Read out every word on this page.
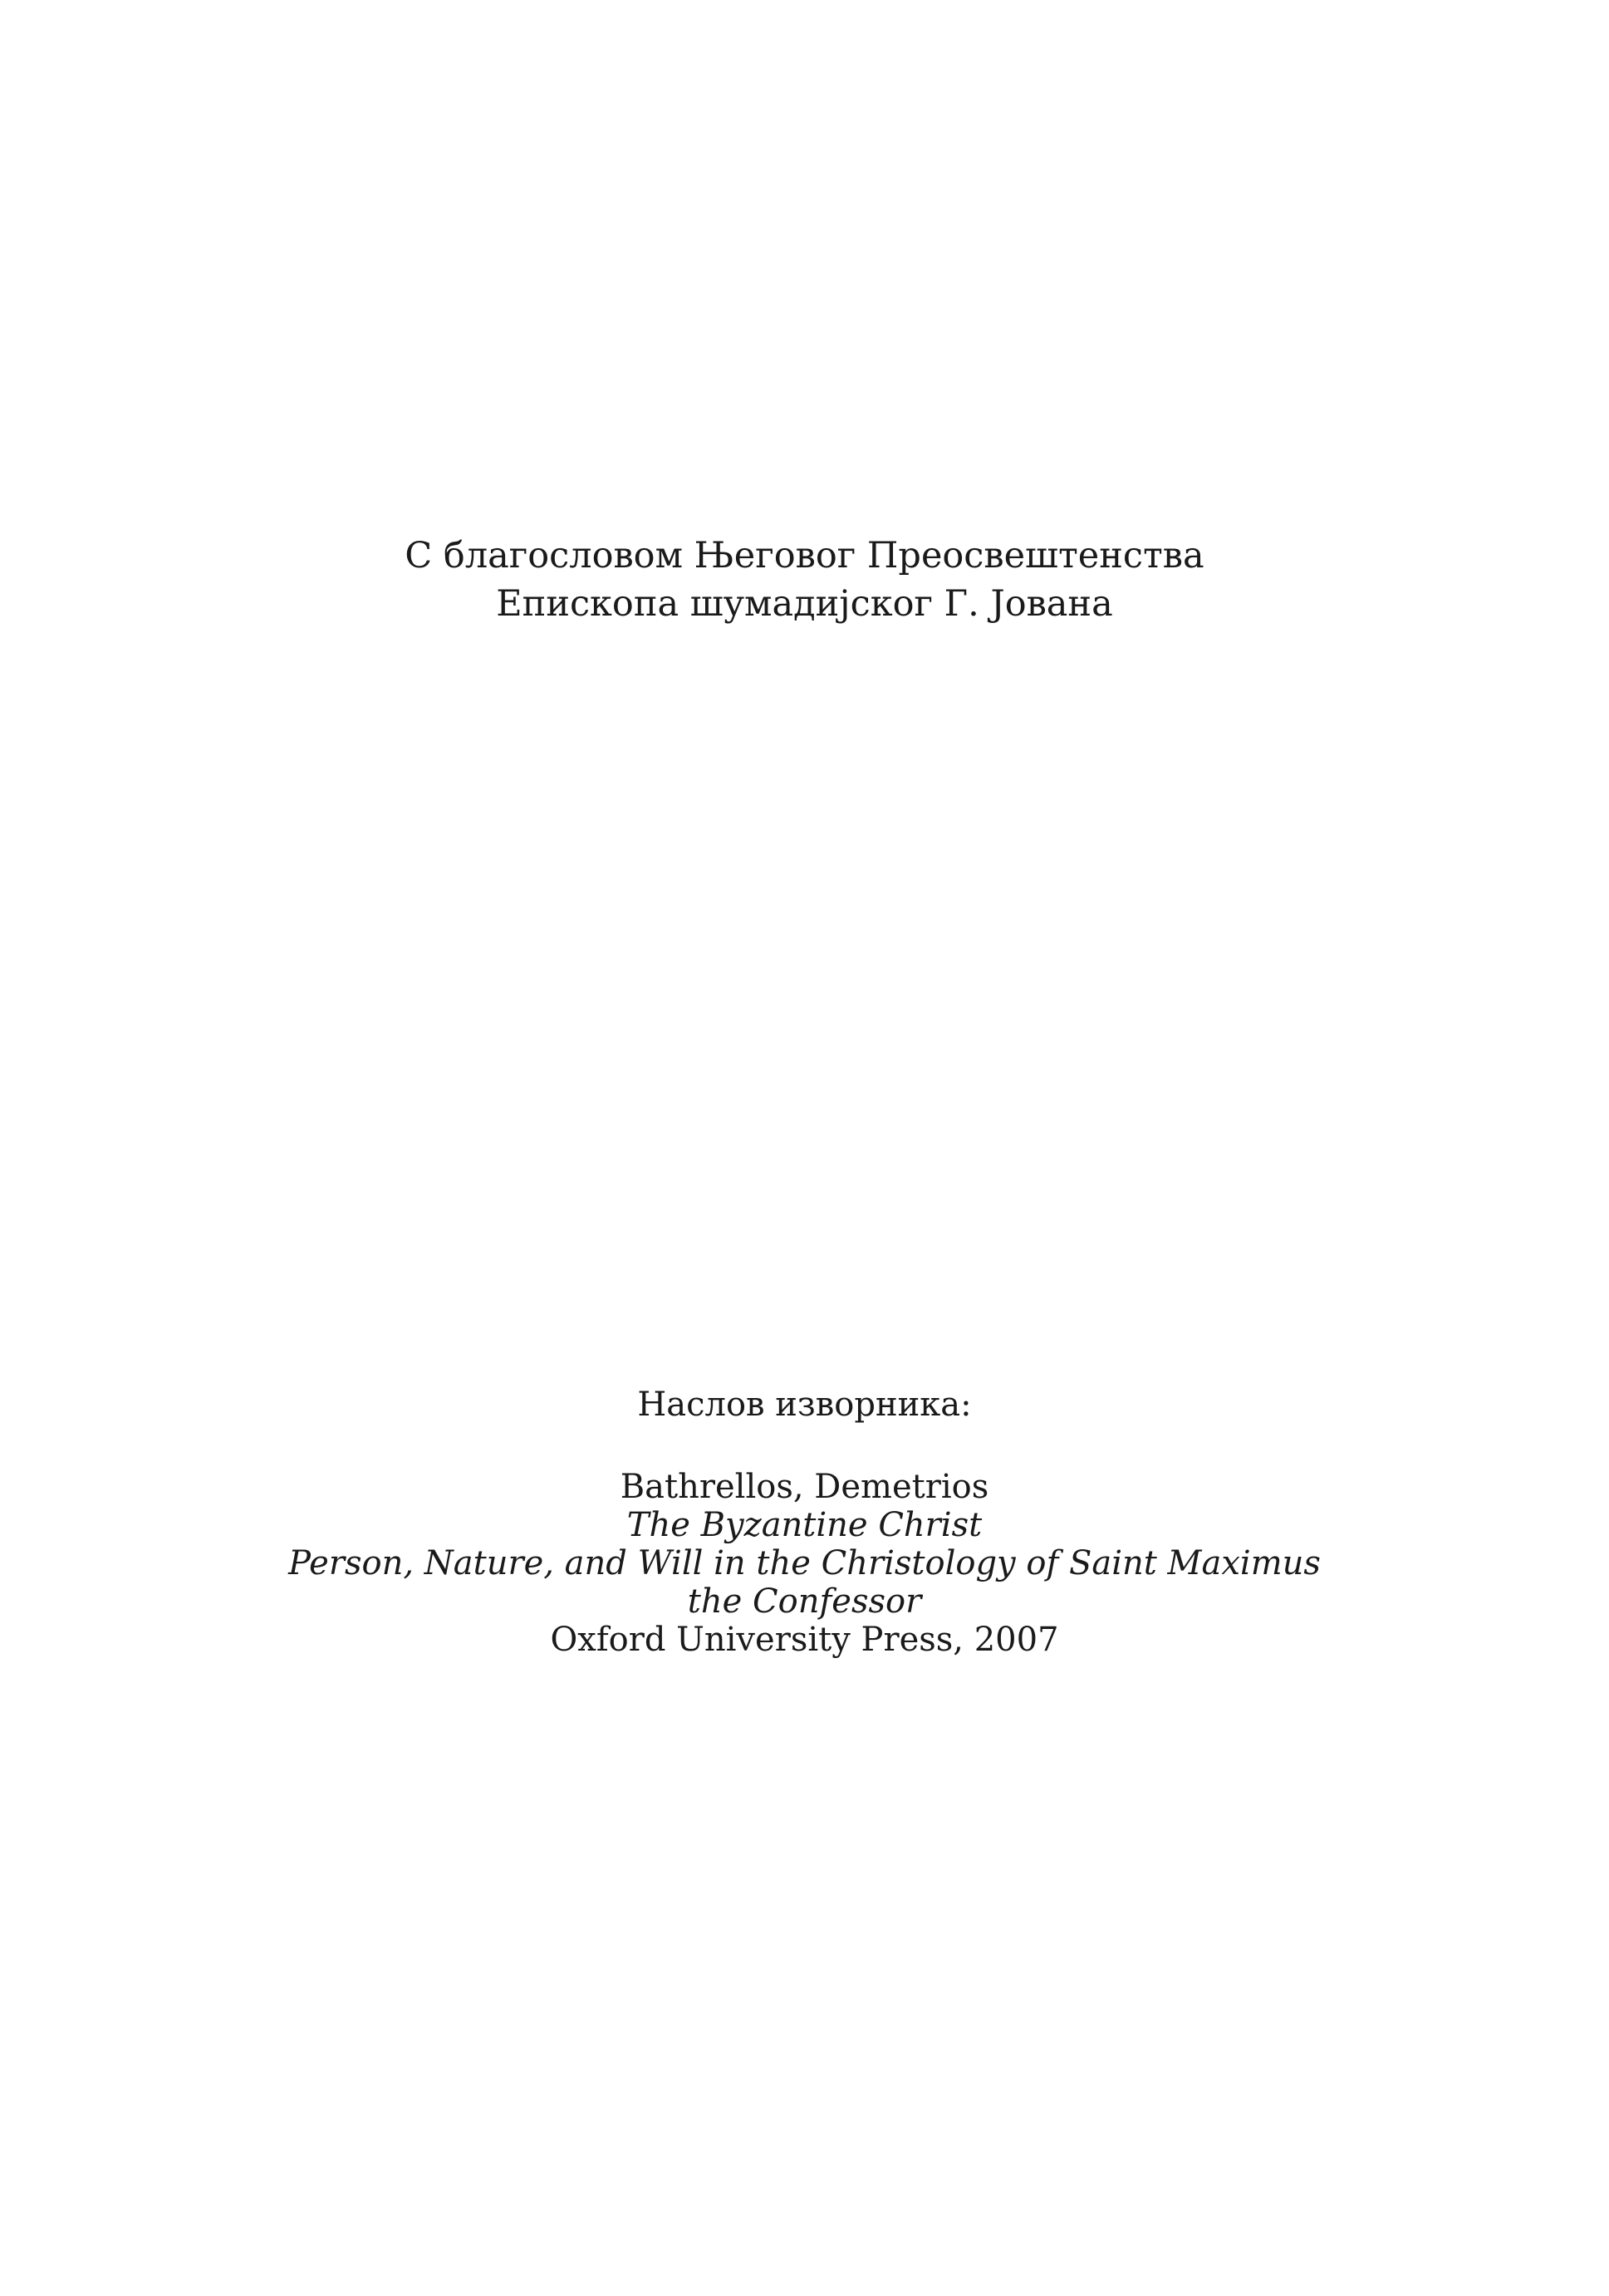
С благословом Његовог Преосвештенства
Епископа шумадијског Г. Јована
Наслов изворника:
Bathrellos, Demetrios
The Byzantine Christ
Person, Nature, and Will in the Christology of Saint Maximus
the Confessor
Oxford University Press, 2007
